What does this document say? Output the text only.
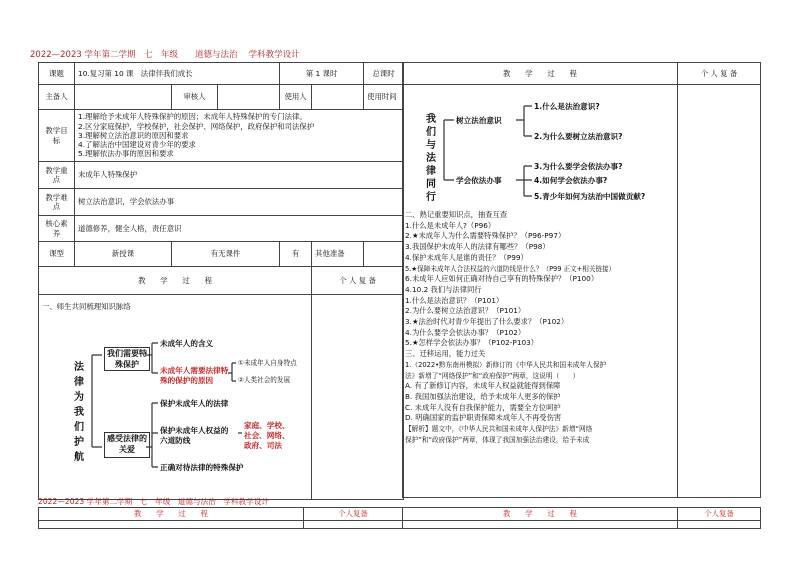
2022—2023 学年第二学期　七　年级　　道德与法治　 学科教学设计
课题	10.复习第 10 课　法律伴我们成长			第 1 课时		总课时
主备人		审核人		使用人		使用时间
教学目标	1.理解给予未成年人特殊保护的原因；未成年人特殊保护的专门法律。
2.区分家庭保护，学校保护，社会保护、网络保护，政府保护和司法保护
3.理解树立法治意识的原因和要求
4.了解法治中国建设对青少年的要求
5.理解依法办事的原因和要求					

教学重点	未成年人特殊保护					
教学难点	树立法治意识，学会依法办事					
核心素养	道德修养，健全人格，责任意识					
课型	新授课	有无课件		有	其他准备	
教　　学　　过　　程					个 人 复 备	

一、师生共同梳理知识脉络						

法律为我们护航
我们需要特殊保护
感受法律的关爱
未成年人的含义
未成年人需要法律特殊的保护的原因
①未成年人自身特点
②人类社会的发展
保护未成年人的法律
保护未成年人权益的六道防线
家庭、学校、
社会、网络、
政府、司法
正确对待法律的特殊保护
教　　学　　过　　程	个 人 复 备

我们与法律同行
树立法治意识
学会依法办事
1.什么是法治意识?
2.为什么要树立法治意识?
3.为什么要学会依法办事?
4.如何学会依法办事?
5.青少年如何为法治中国做贡献?
二、熟记重要知识点，抽查互查
1.什么是未成年人?（P96）
2.★未成年人为什么需要特殊保护？（P96-P97）
3.我国保护未成年人的法律有哪些？（P98）
4.保护未成年人是谁的责任？（P99）
5.★保障未成年人合法权益的六道防线是什么？（P99 正文+相关链接）
6.未成年人应如何正确对待自己享有的特殊保护？（P100）
4.10.2 我们与法律同行
1.什么是法治意识？（P101）
2.为什么要树立法治意识？（P101）
3.★法治时代对青少年提出了什么要求？（P102）
4.为什么要学会依法办事？（P102）
5.★怎样学会依法办事？（P102-P103）
三、迁移运用，能力过关
1.（2022•黔东南州模拟）新修订的《中华人民共和国未成年人保护
法》新增了“网络保护”和“政府保护”两章，这说明（　　）
A. 有了新修订内容，未成年人权益就能得到保障
B. 我国加强法治建设，给予未成年人更多的保护
C. 未成年人没有自我保护能力，需要全方位呵护
D. 明确国家的监护职责保障未成年人不再受伤害
【解析】题文中，《中华人民共和国未成年人保护法》新增“网络
保护”和“政府保护”两章，体现了我国加强法治建设，给予未成
2022—2023 学年第二学期　七　年级　道德与法治　学科教学设计
教　　学　　过　　程	个人复备	教　　学　　过　　程	个人复备
